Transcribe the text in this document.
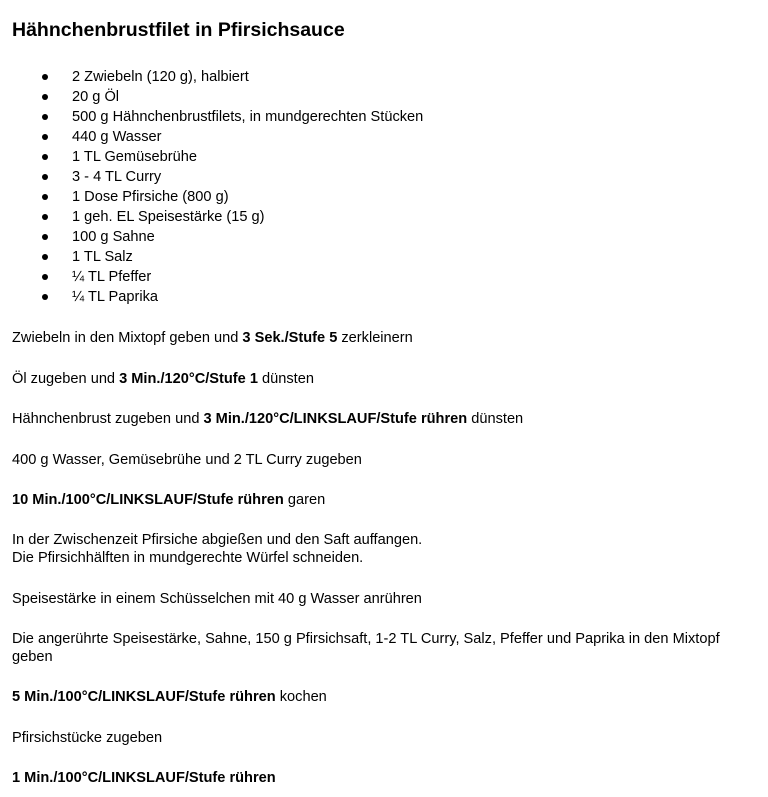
Hähnchenbrustfilet in Pfirsichsauce
2 Zwiebeln (120 g), halbiert
20 g Öl
500 g Hähnchenbrustfilets, in mundgerechten Stücken
440 g Wasser
1 TL Gemüsebrühe
3 - 4 TL Curry
1 Dose Pfirsiche (800 g)
1 geh. EL Speisestärke (15 g)
100 g Sahne
1 TL Salz
¼ TL Pfeffer
¼ TL Paprika

Zwiebeln in den Mixtopf geben und 3 Sek./Stufe 5 zerkleinern

Öl zugeben und 3 Min./120°C/Stufe 1 dünsten

Hähnchenbrust zugeben und 3 Min./120°C/LINKSLAUF/Stufe rühren dünsten

400 g Wasser, Gemüsebrühe und 2 TL Curry zugeben

10 Min./100°C/LINKSLAUF/Stufe rühren garen

In der Zwischenzeit Pfirsiche abgießen und den Saft auffangen.
Die Pfirsichhälften in mundgerechte Würfel schneiden.

Speisestärke in einem Schüsselchen mit 40 g Wasser anrühren

Die angerührte Speisestärke, Sahne, 150 g Pfirsichsaft, 1-2 TL Curry, Salz, Pfeffer und Paprika in den Mixtopf geben

5 Min./100°C/LINKSLAUF/Stufe rühren kochen

Pfirsichstücke zugeben

1 Min./100°C/LINKSLAUF/Stufe rühren
